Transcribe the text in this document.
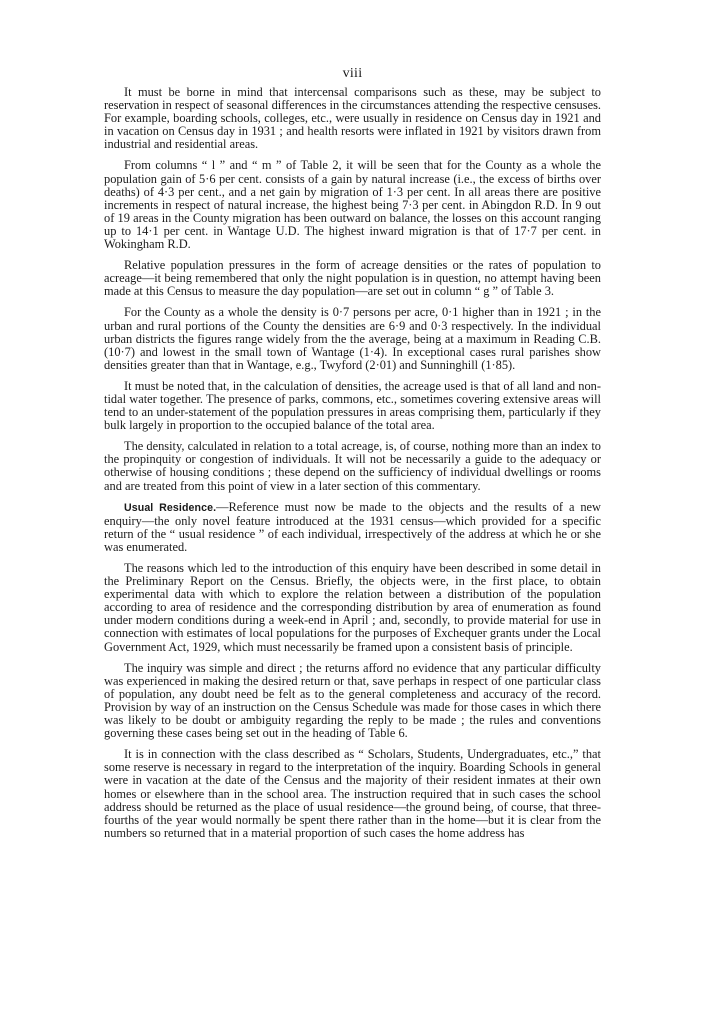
viii

It must be borne in mind that intercensal comparisons such as these, may be subject to reservation in respect of seasonal differences in the circumstances attending the respective censuses. For example, boarding schools, colleges, etc., were usually in residence on Census day in 1921 and in vacation on Census day in 1931 ; and health resorts were inflated in 1921 by visitors drawn from industrial and residential areas.

From columns “ l ” and “ m ” of Table 2, it will be seen that for the County as a whole the population gain of 5·6 per cent. consists of a gain by natural increase (i.e., the excess of births over deaths) of 4·3 per cent., and a net gain by migration of 1·3 per cent. In all areas there are positive increments in respect of natural increase, the highest being 7·3 per cent. in Abingdon R.D. In 9 out of 19 areas in the County migration has been outward on balance, the losses on this account ranging up to 14·1 per cent. in Wantage U.D. The highest inward migration is that of 17·7 per cent. in Wokingham R.D.

Relative population pressures in the form of acreage densities or the rates of population to acreage—it being remembered that only the night population is in question, no attempt having been made at this Census to measure the day population—are set out in column “ g ” of Table 3.

For the County as a whole the density is 0·7 persons per acre, 0·1 higher than in 1921 ; in the urban and rural portions of the County the densities are 6·9 and 0·3 respectively. In the individual urban districts the figures range widely from the the average, being at a maximum in Reading C.B. (10·7) and lowest in the small town of Wantage (1·4). In exceptional cases rural parishes show densities greater than that in Wantage, e.g., Twyford (2·01) and Sunninghill (1·85).

It must be noted that, in the calculation of densities, the acreage used is that of all land and non-tidal water together. The presence of parks, commons, etc., sometimes covering extensive areas will tend to an under-statement of the population pressures in areas comprising them, particularly if they bulk largely in proportion to the occupied balance of the total area.

The density, calculated in relation to a total acreage, is, of course, nothing more than an index to the propinquity or congestion of individuals. It will not be necessarily a guide to the adequacy or otherwise of housing conditions ; these depend on the sufficiency of individual dwellings or rooms and are treated from this point of view in a later section of this commentary.

Usual Residence.—Reference must now be made to the objects and the results of a new enquiry—the only novel feature introduced at the 1931 census—which provided for a specific return of the “ usual residence ” of each individual, irrespectively of the address at which he or she was enumerated.

The reasons which led to the introduction of this enquiry have been described in some detail in the Preliminary Report on the Census. Briefly, the objects were, in the first place, to obtain experimental data with which to explore the relation between a distribution of the population according to area of residence and the corresponding distribution by area of enumeration as found under modern conditions during a week-end in April ; and, secondly, to provide material for use in connection with estimates of local populations for the purposes of Exchequer grants under the Local Government Act, 1929, which must necessarily be framed upon a consistent basis of principle.

The inquiry was simple and direct ; the returns afford no evidence that any particular difficulty was experienced in making the desired return or that, save perhaps in respect of one particular class of population, any doubt need be felt as to the general completeness and accuracy of the record. Provision by way of an instruction on the Census Schedule was made for those cases in which there was likely to be doubt or ambiguity regarding the reply to be made ; the rules and conventions governing these cases being set out in the heading of Table 6.

It is in connection with the class described as “ Scholars, Students, Undergraduates, etc.,” that some reserve is necessary in regard to the interpretation of the inquiry. Boarding Schools in general were in vacation at the date of the Census and the majority of their resident inmates at their own homes or elsewhere than in the school area. The instruction required that in such cases the school address should be returned as the place of usual residence—the ground being, of course, that three-fourths of the year would normally be spent there rather than in the home—but it is clear from the numbers so returned that in a material proportion of such cases the home address has
